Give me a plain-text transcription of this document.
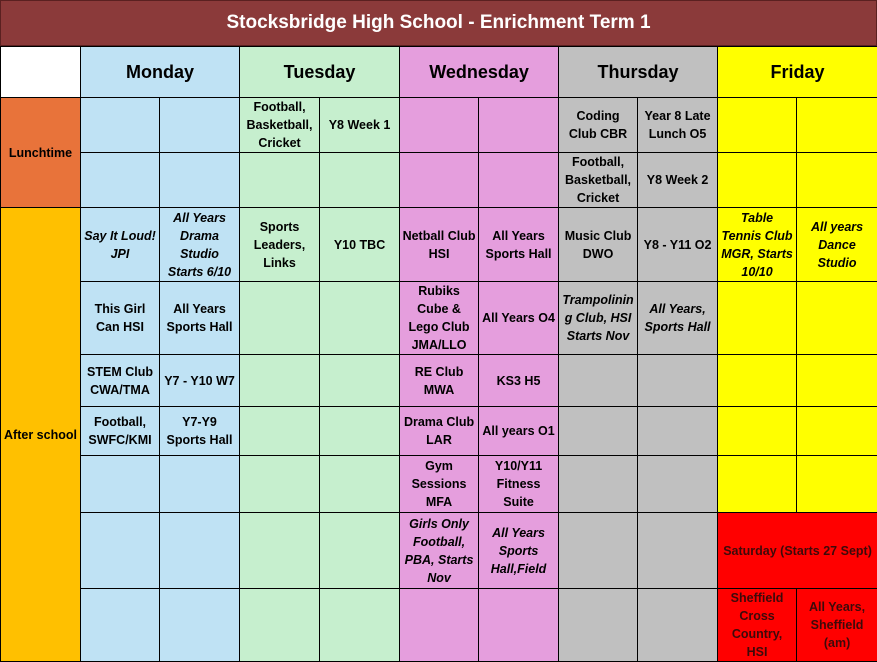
Stocksbridge High School - Enrichment Term 1
	Monday		Tuesday		Wednesday		Thursday		Friday	
Lunchtime			Football, Basketball, Cricket	Y8 Week 1			Coding Club CBR	Year 8 Late Lunch O5		
							Football, Basketball, Cricket	Y8 Week 2		
After school	Say It Loud! JPI	All Years Drama Studio Starts 6/10	Sports Leaders, Links	Y10 TBC	Netball Club HSI	All Years Sports Hall	Music Club DWO	Y8 - Y11 O2	Table Tennis Club MGR, Starts 10/10	All years Dance Studio
	This Girl Can HSI	All Years Sports Hall			Rubiks Cube & Lego Club JMA/LLO	All Years O4	Trampolining Club, HSI Starts Nov	All Years, Sports Hall		
	STEM Club CWA/TMA	Y7 - Y10 W7			RE Club MWA	KS3 H5				
	Football, SWFC/KMI	Y7-Y9 Sports Hall			Drama Club LAR	All years O1				
					Gym Sessions MFA	Y10/Y11 Fitness Suite				
					Girls Only Football, PBA, Starts Nov	All Years Sports Hall,Field			Saturday (Starts 27 Sept)	
									Sheffield Cross Country, HSI	All Years, Sheffield (am)
